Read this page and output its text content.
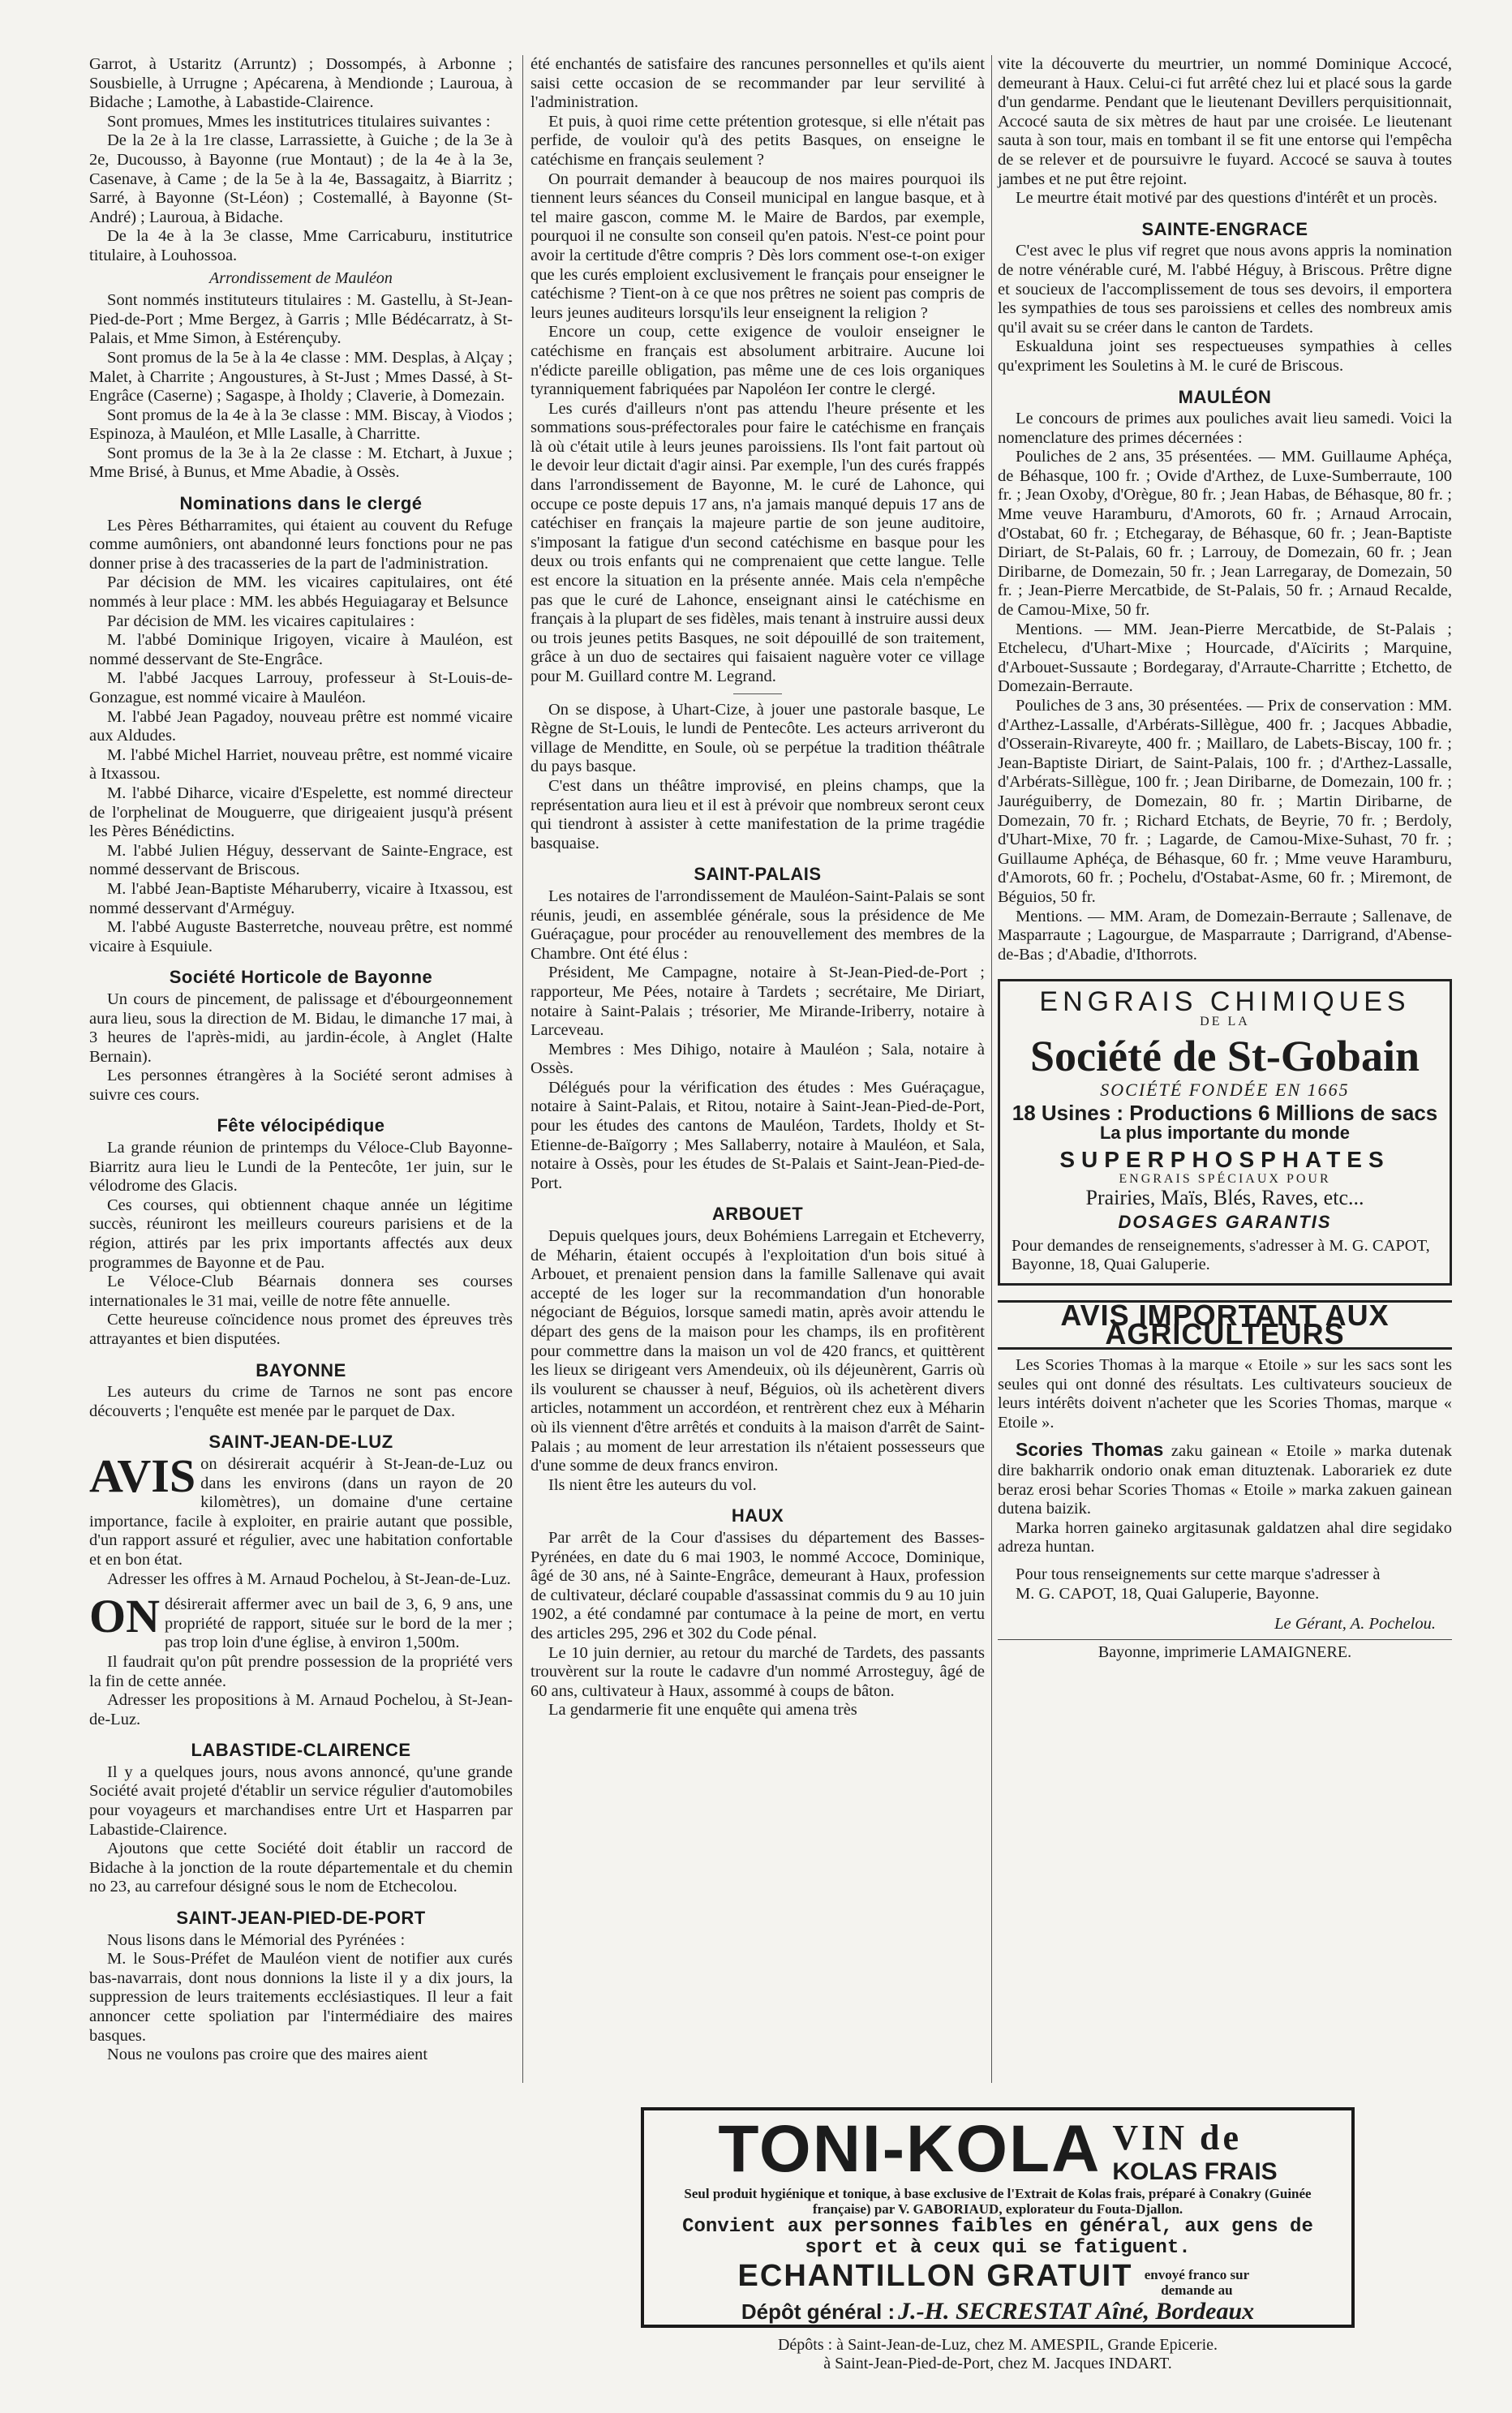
Garrot, à Ustaritz (Arruntz) ; Dossompés, à Arbonne ; Sousbielle, à Urrugne ; Apécarena, à Mendionde ; Lauroua, à Bidache ; Lamothe, à Labastide-Clairence.

Sont promues, Mmes les institutrices titulaires suivantes :

De la 2e à la 1re classe, Larrassiette, à Guiche ; de la 3e à 2e, Ducousso, à Bayonne (rue Montaut) ; de la 4e à la 3e, Casenave, à Came ; de la 5e à la 4e, Bassagaitz, à Biarritz ; Sarré, à Bayonne (St-Léon) ; Costemallé, à Bayonne (St-André) ; Lauroua, à Bidache.

De la 4e à la 3e classe, Mme Carricaburu, institutrice titulaire, à Louhossoa.

Arrondissement de Mauléon

Sont nommés instituteurs titulaires : M. Gastellu, à St-Jean-Pied-de-Port ; Mme Bergez, à Garris ; Mlle Bédécarratz, à St-Palais, et Mme Simon, à Estérençuby.

Sont promus de la 5e à la 4e classe : MM. Desplas, à Alçay ; Malet, à Charrite ; Angoustures, à St-Just ; Mmes Dassé, à St-Engrâce (Caserne) ; Sagaspe, à Iholdy ; Claverie, à Domezain.

Sont promus de la 4e à la 3e classe : MM. Biscay, à Viodos ; Espinoza, à Mauléon, et Mlle Lasalle, à Charritte.

Sont promus de la 3e à la 2e classe : M. Etchart, à Juxue ; Mme Brisé, à Bunus, et Mme Abadie, à Ossès.

Nominations dans le clergé

Les Pères Bétharramites, qui étaient au couvent du Refuge comme aumôniers, ont abandonné leurs fonctions pour ne pas donner prise à des tracasseries de la part de l'administration.

Par décision de MM. les vicaires capitulaires, ont été nommés à leur place : MM. les abbés Heguiagaray et Belsunce

Par décision de MM. les vicaires capitulaires :

M. l'abbé Dominique Irigoyen, vicaire à Mauléon, est nommé desservant de Ste-Engrâce.

M. l'abbé Jacques Larrouy, professeur à St-Louis-de-Gonzague, est nommé vicaire à Mauléon.

M. l'abbé Jean Pagadoy, nouveau prêtre est nommé vicaire aux Aldudes.

M. l'abbé Michel Harriet, nouveau prêtre, est nommé vicaire à Itxassou.

M. l'abbé Diharce, vicaire d'Espelette, est nommé directeur de l'orphelinat de Mouguerre, que dirigeaient jusqu'à présent les Pères Bénédictins.

M. l'abbé Julien Héguy, desservant de Sainte-Engrace, est nommé desservant de Briscous.

M. l'abbé Jean-Baptiste Méharuberry, vicaire à Itxassou, est nommé desservant d'Arméguy.

M. l'abbé Auguste Basterretche, nouveau prêtre, est nommé vicaire à Esquiule.

Société Horticole de Bayonne

Un cours de pincement, de palissage et d'ébourgeonnement aura lieu, sous la direction de M. Bidau, le dimanche 17 mai, à 3 heures de l'après-midi, au jardin-école, à Anglet (Halte Bernain).

Les personnes étrangères à la Société seront admises à suivre ces cours.

Fête vélocipédique

La grande réunion de printemps du Véloce-Club Bayonne-Biarritz aura lieu le Lundi de la Pentecôte, 1er juin, sur le vélodrome des Glacis.

Ces courses, qui obtiennent chaque année un légitime succès, réuniront les meilleurs coureurs parisiens et de la région, attirés par les prix importants affectés aux deux programmes de Bayonne et de Pau.

Le Véloce-Club Béarnais donnera ses courses internationales le 31 mai, veille de notre fête annuelle.

Cette heureuse coïncidence nous promet des épreuves très attrayantes et bien disputées.

BAYONNE

Les auteurs du crime de Tarnos ne sont pas encore découverts ; l'enquête est menée par le parquet de Dax.

SAINT-JEAN-DE-LUZ

AVIS on désirerait acquérir à St-Jean-de-Luz ou dans les environs (dans un rayon de 20 kilomètres), un domaine d'une certaine importance, facile à exploiter, en prairie autant que possible, d'un rapport assuré et régulier, avec une habitation confortable et en bon état.

Adresser les offres à M. Arnaud Pochelou, à St-Jean-de-Luz.

ON désirerait affermer avec un bail de 3, 6, 9 ans, une propriété de rapport, située sur le bord de la mer ; pas trop loin d'une église, à environ 1,500m.

Il faudrait qu'on pût prendre possession de la propriété vers la fin de cette année.

Adresser les propositions à M. Arnaud Pochelou, à St-Jean-de-Luz.

LABASTIDE-CLAIRENCE

Il y a quelques jours, nous avons annoncé, qu'une grande Société avait projeté d'établir un service régulier d'automobiles pour voyageurs et marchandises entre Urt et Hasparren par Labastide-Clairence.

Ajoutons que cette Société doit établir un raccord de Bidache à la jonction de la route départementale et du chemin no 23, au carrefour désigné sous le nom de Etchecolou.

SAINT-JEAN-PIED-DE-PORT

Nous lisons dans le Mémorial des Pyrénées :

M. le Sous-Préfet de Mauléon vient de notifier aux curés bas-navarrais, dont nous donnions la liste il y a dix jours, la suppression de leurs traitements ecclésiastiques. Il leur a fait annoncer cette spoliation par l'intermédiaire des maires basques.

Nous ne voulons pas croire que des maires aient

été enchantés de satisfaire des rancunes personnelles et qu'ils aient saisi cette occasion de se recommander par leur servilité à l'administration.

Et puis, à quoi rime cette prétention grotesque, si elle n'était pas perfide, de vouloir qu'à des petits Basques, on enseigne le catéchisme en français seulement ?

On pourrait demander à beaucoup de nos maires pourquoi ils tiennent leurs séances du Conseil municipal en langue basque, et à tel maire gascon, comme M. le Maire de Bardos, par exemple, pourquoi il ne consulte son conseil qu'en patois. N'est-ce point pour avoir la certitude d'être compris ? Dès lors comment ose-t-on exiger que les curés emploient exclusivement le français pour enseigner le catéchisme ? Tient-on à ce que nos prêtres ne soient pas compris de leurs jeunes auditeurs lorsqu'ils leur enseignent la religion ?

Encore un coup, cette exigence de vouloir enseigner le catéchisme en français est absolument arbitraire. Aucune loi n'édicte pareille obligation, pas même une de ces lois organiques tyranniquement fabriquées par Napoléon Ier contre le clergé.

Les curés d'ailleurs n'ont pas attendu l'heure présente et les sommations sous-préfectorales pour faire le catéchisme en français là où c'était utile à leurs jeunes paroissiens. Ils l'ont fait partout où le devoir leur dictait d'agir ainsi. Par exemple, l'un des curés frappés dans l'arrondissement de Bayonne, M. le curé de Lahonce, qui occupe ce poste depuis 17 ans, n'a jamais manqué depuis 17 ans de catéchiser en français la majeure partie de son jeune auditoire, s'imposant la fatigue d'un second catéchisme en basque pour les deux ou trois enfants qui ne comprenaient que cette langue. Telle est encore la situation en la présente année. Mais cela n'empêche pas que le curé de Lahonce, enseignant ainsi le catéchisme en français à la plupart de ses fidèles, mais tenant à instruire aussi deux ou trois jeunes petits Basques, ne soit dépouillé de son traitement, grâce à un duo de sectaires qui faisaient naguère voter ce village pour M. Guillard contre M. Legrand.

On se dispose, à Uhart-Cize, à jouer une pastorale basque, Le Règne de St-Louis, le lundi de Pentecôte. Les acteurs arriveront du village de Menditte, en Soule, où se perpétue la tradition théâtrale du pays basque.

C'est dans un théâtre improvisé, en pleins champs, que la représentation aura lieu et il est à prévoir que nombreux seront ceux qui tiendront à assister à cette manifestation de la prime tragédie basquaise.

SAINT-PALAIS

Les notaires de l'arrondissement de Mauléon-Saint-Palais se sont réunis, jeudi, en assemblée générale, sous la présidence de Me Guéraçague, pour procéder au renouvellement des membres de la Chambre. Ont été élus :

Président, Me Campagne, notaire à St-Jean-Pied-de-Port ; rapporteur, Me Pées, notaire à Tardets ; secrétaire, Me Diriart, notaire à Saint-Palais ; trésorier, Me Mirande-Iriberry, notaire à Larceveau.

Membres : Mes Dihigo, notaire à Mauléon ; Sala, notaire à Ossès.

Délégués pour la vérification des études : Mes Guéraçague, notaire à Saint-Palais, et Ritou, notaire à Saint-Jean-Pied-de-Port, pour les études des cantons de Mauléon, Tardets, Iholdy et St-Etienne-de-Baïgorry ; Mes Sallaberry, notaire à Mauléon, et Sala, notaire à Ossès, pour les études de St-Palais et Saint-Jean-Pied-de-Port.

ARBOUET

Depuis quelques jours, deux Bohémiens Larregain et Etcheverry, de Méharin, étaient occupés à l'exploitation d'un bois situé à Arbouet, et prenaient pension dans la famille Sallenave qui avait accepté de les loger sur la recommandation d'un honorable négociant de Béguios, lorsque samedi matin, après avoir attendu le départ des gens de la maison pour les champs, ils en profitèrent pour commettre dans la maison un vol de 420 francs, et quittèrent les lieux se dirigeant vers Amendeuix, où ils déjeunèrent, Garris où ils voulurent se chausser à neuf, Béguios, où ils achetèrent divers articles, notamment un accordéon, et rentrèrent chez eux à Méharin où ils viennent d'être arrêtés et conduits à la maison d'arrêt de Saint-Palais ; au moment de leur arrestation ils n'étaient possesseurs que d'une somme de deux francs environ.

Ils nient être les auteurs du vol.

HAUX

Par arrêt de la Cour d'assises du département des Basses-Pyrénées, en date du 6 mai 1903, le nommé Accoce, Dominique, âgé de 30 ans, né à Sainte-Engrâce, demeurant à Haux, profession de cultivateur, déclaré coupable d'assassinat commis du 9 au 10 juin 1902, a été condamné par contumace à la peine de mort, en vertu des articles 295, 296 et 302 du Code pénal.

Le 10 juin dernier, au retour du marché de Tardets, des passants trouvèrent sur la route le cadavre d'un nommé Arrosteguy, âgé de 60 ans, cultivateur à Haux, assommé à coups de bâton.

La gendarmerie fit une enquête qui amena très

vite la découverte du meurtrier, un nommé Dominique Accocé, demeurant à Haux. Celui-ci fut arrêté chez lui et placé sous la garde d'un gendarme. Pendant que le lieutenant Devillers perquisitionnait, Accocé sauta de six mètres de haut par une croisée. Le lieutenant sauta à son tour, mais en tombant il se fit une entorse qui l'empêcha de se relever et de poursuivre le fuyard. Accocé se sauva à toutes jambes et ne put être rejoint.

Le meurtre était motivé par des questions d'intérêt et un procès.

SAINTE-ENGRACE

C'est avec le plus vif regret que nous avons appris la nomination de notre vénérable curé, M. l'abbé Héguy, à Briscous. Prêtre digne et soucieux de l'accomplissement de tous ses devoirs, il emportera les sympathies de tous ses paroissiens et celles des nombreux amis qu'il avait su se créer dans le canton de Tardets.

Eskualduna joint ses respectueuses sympathies à celles qu'expriment les Souletins à M. le curé de Briscous.

MAULÉON

Le concours de primes aux pouliches avait lieu samedi. Voici la nomenclature des primes décernées :

Pouliches de 2 ans, 35 présentées. — MM. Guillaume Aphéça, de Béhasque, 100 fr. ; Ovide d'Arthez, de Luxe-Sumberraute, 100 fr. ; Jean Oxoby, d'Orègue, 80 fr. ; Jean Habas, de Béhasque, 80 fr. ; Mme veuve Haramburu, d'Amorots, 60 fr. ; Arnaud Arrocain, d'Ostabat, 60 fr. ; Etchegaray, de Béhasque, 60 fr. ; Jean-Baptiste Diriart, de St-Palais, 60 fr. ; Larrouy, de Domezain, 60 fr. ; Jean Diribarne, de Domezain, 50 fr. ; Jean Larregaray, de Domezain, 50 fr. ; Jean-Pierre Mercatbide, de St-Palais, 50 fr. ; Arnaud Recalde, de Camou-Mixe, 50 fr.

Mentions. — MM. Jean-Pierre Mercatbide, de St-Palais ; Etchelecu, d'Uhart-Mixe ; Hourcade, d'Aïcirits ; Marquine, d'Arbouet-Sussaute ; Bordegaray, d'Arraute-Charritte ; Etchetto, de Domezain-Berraute.

Pouliches de 3 ans, 30 présentées. — Prix de conservation : MM. d'Arthez-Lassalle, d'Arbérats-Sillègue, 400 fr. ; Jacques Abbadie, d'Osserain-Rivareyte, 400 fr. ; Maillaro, de Labets-Biscay, 100 fr. ; Jean-Baptiste Diriart, de Saint-Palais, 100 fr. ; d'Arthez-Lassalle, d'Arbérats-Sillègue, 100 fr. ; Jean Diribarne, de Domezain, 100 fr. ; Jauréguiberry, de Domezain, 80 fr. ; Martin Diribarne, de Domezain, 70 fr. ; Richard Etchats, de Beyrie, 70 fr. ; Berdoly, d'Uhart-Mixe, 70 fr. ; Lagarde, de Camou-Mixe-Suhast, 70 fr. ; Guillaume Aphéça, de Béhasque, 60 fr. ; Mme veuve Haramburu, d'Amorots, 60 fr. ; Pochelu, d'Ostabat-Asme, 60 fr. ; Miremont, de Béguios, 50 fr.

Mentions. — MM. Aram, de Domezain-Berraute ; Sallenave, de Masparraute ; Lagourgue, de Masparraute ; Darrigrand, d'Abense-de-Bas ; d'Abadie, d'Ithorrots.

ENGRAIS CHIMIQUES
DE LA
Société de St-Gobain
SOCIÉTÉ FONDÉE EN 1665
18 Usines : Productions 6 Millions de sacs
La plus importante du monde
SUPERPHOSPHATES
ENGRAIS SPÉCIAUX POUR
Prairies, Maïs, Blés, Raves, etc...
DOSAGES GARANTIS
Pour demandes de renseignements, s'adresser à M. G. CAPOT, Bayonne, 18, Quai Galuperie.
AVIS IMPORTANT AUX AGRICULTEURS

Les Scories Thomas à la marque « Etoile » sur les sacs sont les seules qui ont donné des résultats. Les cultivateurs soucieux de leurs intérêts doivent n'acheter que les Scories Thomas, marque « Etoile ».

Scories Thomas zaku gainean « Etoile » marka dutenak dire bakharrik ondorio onak eman dituztenak. Laborariek ez dute beraz erosi behar Scories Thomas « Etoile » marka zakuen gainean dutena baizik.

Marka horren gaineko argitasunak galdatzen ahal dire segidako adreza huntan.

Pour tous renseignements sur cette marque s'adresser à

M. G. CAPOT, 18, Quai Galuperie, Bayonne.

Le Gérant, A. Pochelou.
Bayonne, imprimerie LAMAIGNERE.
TONI-KOLA VIN de
KOLAS FRAIS
Seul produit hygiénique et tonique, à base exclusive de l'Extrait de Kolas frais, préparé à Conakry (Guinée française) par V. GABORIAUD, explorateur du Fouta-Djallon.
Convient aux personnes faibles en général, aux gens de sport et à ceux qui se fatiguent.
ECHANTILLON GRATUIT envoyé franco sur demande au
Dépôt général : J.-H. SECRESTAT Aîné, Bordeaux
Dépôts : à Saint-Jean-de-Luz, chez M. AMESPIL, Grande Epicerie.
à Saint-Jean-Pied-de-Port, chez M. Jacques INDART.
